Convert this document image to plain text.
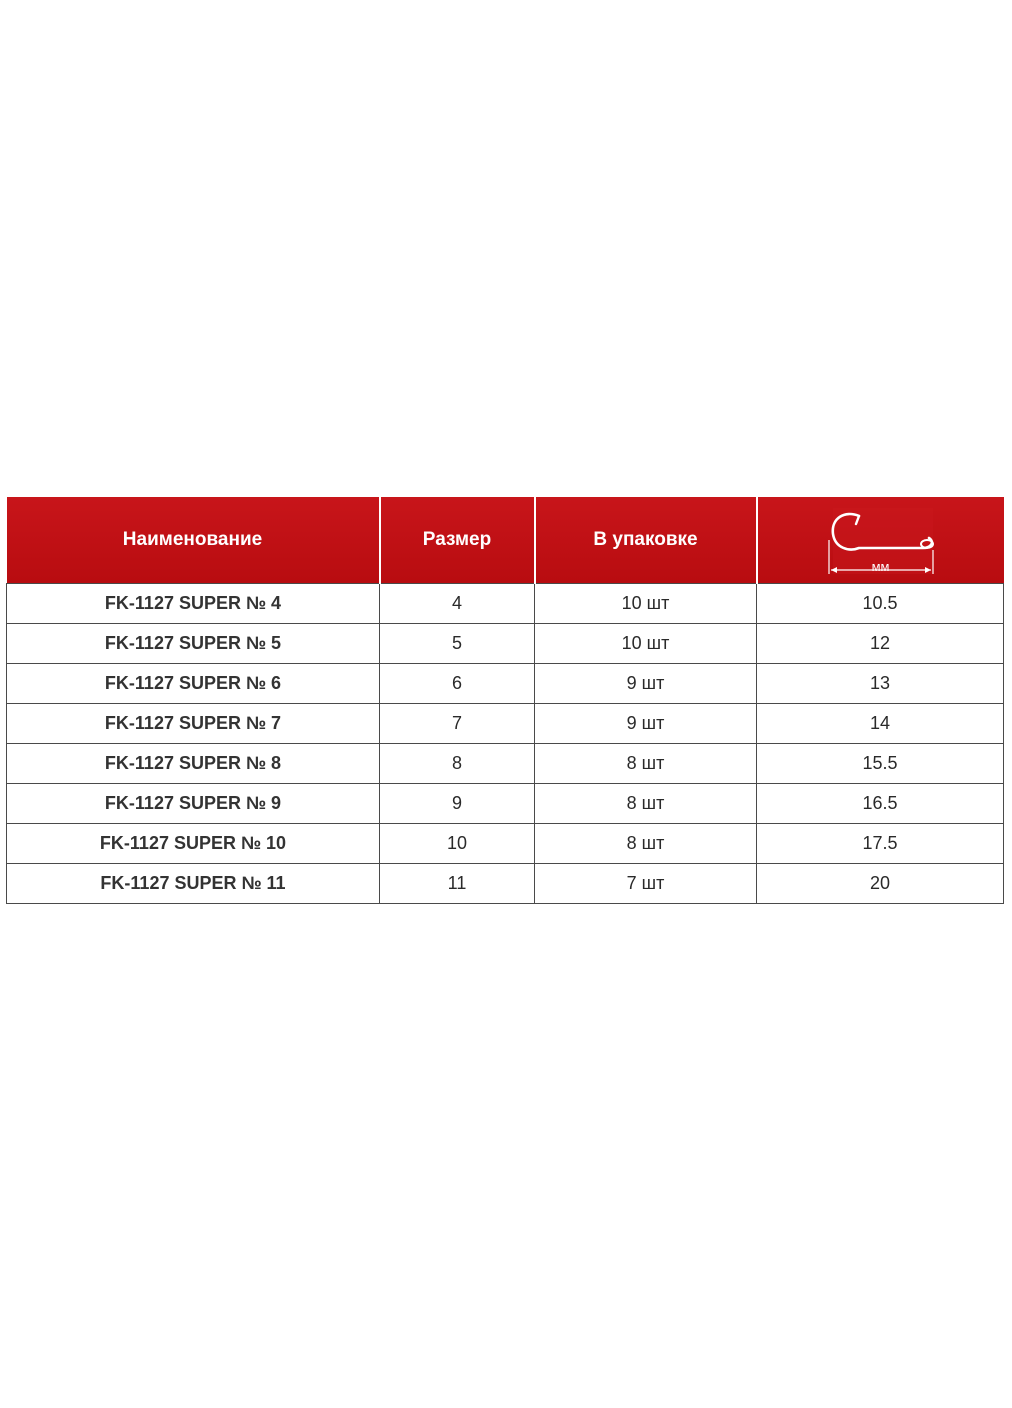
Наименование	Размер	В упаковке	мм

FK-1127 SUPER № 4	4	10 шт	10.5
FK-1127 SUPER № 5	5	10 шт	12
FK-1127 SUPER № 6	6	9 шт	13
FK-1127 SUPER № 7	7	9 шт	14
FK-1127 SUPER № 8	8	8 шт	15.5
FK-1127 SUPER № 9	9	8 шт	16.5
FK-1127 SUPER № 10	10	8 шт	17.5
FK-1127 SUPER № 11	11	7 шт	20
